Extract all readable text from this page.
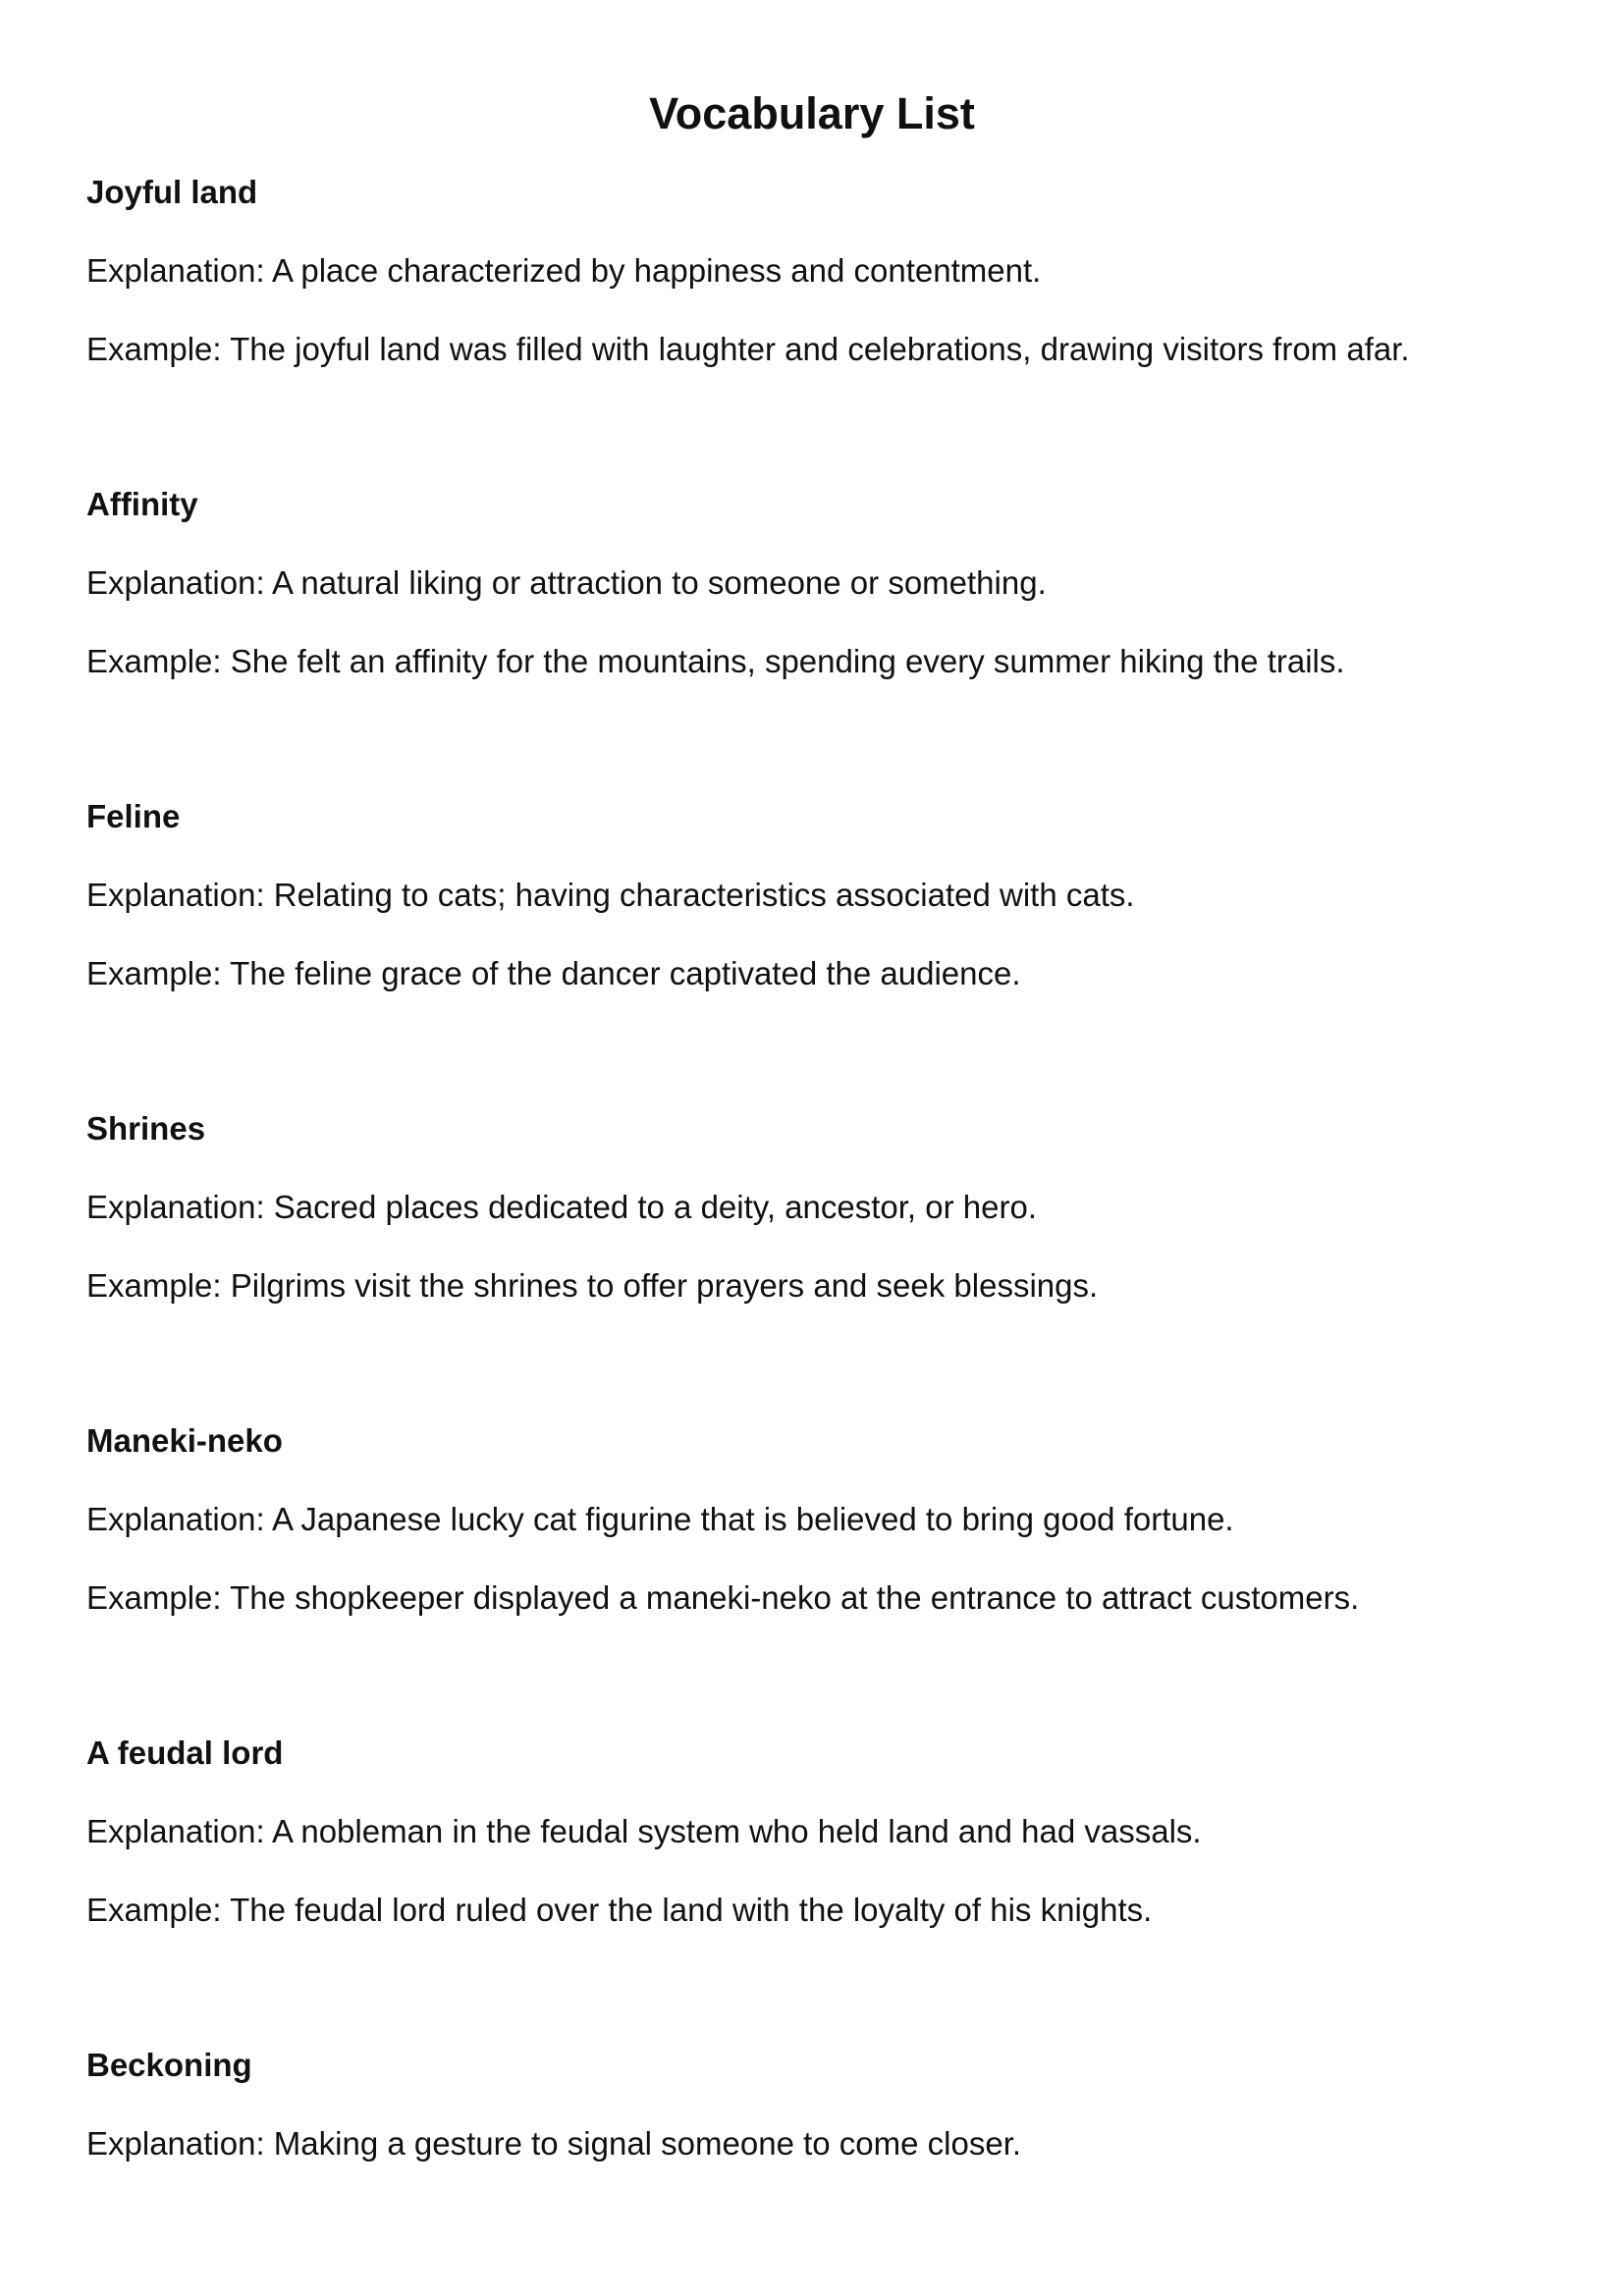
Vocabulary List

Joyful land

Explanation: A place characterized by happiness and contentment.

Example: The joyful land was filled with laughter and celebrations, drawing visitors from afar.

Affinity

Explanation: A natural liking or attraction to someone or something.

Example: She felt an affinity for the mountains, spending every summer hiking the trails.

Feline

Explanation: Relating to cats; having characteristics associated with cats.

Example: The feline grace of the dancer captivated the audience.

Shrines

Explanation: Sacred places dedicated to a deity, ancestor, or hero.

Example: Pilgrims visit the shrines to offer prayers and seek blessings.

Maneki-neko

Explanation: A Japanese lucky cat figurine that is believed to bring good fortune.

Example: The shopkeeper displayed a maneki-neko at the entrance to attract customers.

A feudal lord

Explanation: A nobleman in the feudal system who held land and had vassals.

Example: The feudal lord ruled over the land with the loyalty of his knights.

Beckoning

Explanation: Making a gesture to signal someone to come closer.
